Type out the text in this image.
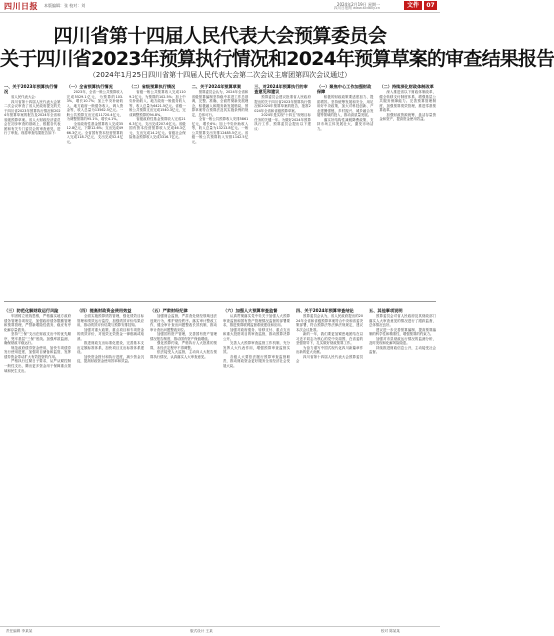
四川日报 本版编辑：张 校对：刘	2024年2月19日 星期一
四川日报网 www.scdaily.cn	文件	07
四川省第十四届人民代表大会预算委员会
关于四川省2023年预算执行情况和2024年预算草案的审查结果报告
（2024年1月25日四川省第十四届人民代表大会第二次会议主席团第四次会议通过）
一、关于2023年预算执行情况

省人民代表大会：

四川省第十四届人民代表大会第二次会议审查了省人民政府提交的关于四川省2023年预算执行情况和2024年预算草案的报告及2024年全省和省级预算草案。省人大财政经济委员会在初步审查的基础上，根据各代表团和有关专门委员会的审查意见，进行了审查。现将审查结果报告如下：

（一）全省预算执行情况

2023年，全省一般公共预算收入完成5529.1亿元，为预算的103.3%，增长10.7%；加上中央补助收入、地方政府一般债务收入、调入资金等，收入总量为13562.5亿元。一般公共预算支出完成11720.4亿元，为调整预算的95.1%，增长4.1%。

全省政府性基金预算收入完成3512.8亿元，下降12.6%；支出完成4966.3亿元。全省国有资本经营预算收入完成118.7亿元，支出完成52.4亿元。

（二）省级预算执行情况

省级一般公共预算收入完成1109.2亿元，为预算的102.5%；加上中央补助收入、地方政府一般债务收入等，收入总量为6421.5亿元。省级一般公共预算支出完成1540.3亿元，完成调整预算的94.8%。

省级政府性基金预算收入完成216.3亿元，支出完成207.6亿元。省级国有资本经营预算收入完成46.3亿元，支出完成14.2亿元。省级社会保险基金预算收入完成3316.7亿元。

二、关于2024年预算草案

预算委员会认为，2024年全省和省级预算编制坚持稳中求进工作总基调，完整、准确、全面贯彻新发展理念，积极融入和服务新发展格局，预算草案符合预算法及其实施条例的规定，总体可行。

全省一般公共预算收入安排5861亿元，增长6%；加上中央补助收入等，收入总量为13213.8亿元。一般公共预算支出安排12485.5亿元。省级一般公共预算收入安排1142.5亿元。

三、对2024年预算执行的审查意见和建议

预算委员会建议批准省人民政府提出的关于四川省2023年预算执行情况和2024年预算草案的报告，批准2024年全省和省级预算草案。

2024年是实现“十四五”规划目标任务的关键一年。为做好2024年预算执行工作，预算委员会提出以下建议：

（一）聚焦中心工作加强财政保障

积极的财政政策要适度加力、提质增效。坚持统筹发展和安全，用足用好中央政策，加大对科技创新、产业建圈强链、乡村振兴、城乡融合发展等领域的投入，推动高质量发展。

落实好结构性减税降费政策，支持市场主体发展壮大，激发市场活力。

（二）持续深化财政体制改革

深入推进省以下财政体制改革，健全转移支付制度体系，增强基层公共服务保障能力。完善预算管理制度，加强预算绩效管理，推进零基预算改革。

加强财政资源统筹，盘活存量资金和资产，提高资金使用效益。

（三）防范化解财政运行风险

牢固树立底线思维，严格落实地方政府债务管理各项规定，加强政府债务限额管理和预算管理，严禁新增隐性债务，稳妥有序化解存量债务。

坚持“三保”支出在财政支出中的优先顺序，兜牢基层“三保”底线。加强库款监测，确保财政平稳运行。

规范政府债券资金使用，加快专项债券发行使用进度，加强项目储备和监管，发挥债券资金带动扩大有效投资的作用。

严格执行过紧日子要求，从严从紧控制一般性支出，腾出更多资金用于保障重点领域和民生支出。

（四）提高财政资金使用效益

全面实施预算绩效管理，强化绩效目标管理和绩效运行监控，加强绩效评价结果应用，推动绩效评价结果与预算安排挂钩。

加强对重大政策、重点项目和专项资金的绩效评价，对低效无效资金一律削减或取消。

推进财政支出标准化建设，完善基本支出定额标准体系，加快项目支出标准体系建设。

加快资金拨付和执行进度，减少资金沉淀，提高财政资金使用效率和效益。

（五）严肃财经纪律

加强财会监督，严肃查处财经领域违法违规行为，维护财经秩序。落实审计整改工作，健全审计查出问题整改长效机制，推动审计查出问题整改到位。

加强国有资产管理，完善国有资产管理情况报告制度，推动国有资产保值增值。

强化预算约束，严格执行人大批准的预算，未经法定程序不得调整。

依法接受人大监督，主动向人大报告预算执行情况，认真落实人大审查意见。

（六）加强人大预算审查监督

认真贯彻落实党中央关于加强人大预算审查监督和国有资产管理情况监督的部署要求，推进预算联网监督系统建设和应用。

加强对政府债务、转移支付、重点支出和重大投资项目的审查监督，推动预算决算公开。

完善人大预算审查监督工作机制，充分发挥人大代表作用，增强预算审查监督实效。

各级人大要依法履行预算审查监督职责，推动财政资金更好服务全省经济社会发展大局。

四、关于2024年预算审查结论

预算委员会认为，省人民政府提出的2024年全省和省级预算草案符合中央和省委决策部署，符合预算法等法律法规规定，建议本次会议批准。

新的一年，我们要更加紧密地团结在以习近平同志为核心的党中央周围，在省委的坚强领导下，扎实做好财政预算工作。

为奋力谱写中国式现代化四川新篇章作出新的更大贡献。

四川省第十四届人民代表大会预算委员会

五、其他事项说明

预算委员会对省人民政府及其财政部门落实人大审查意见的情况进行了跟踪监督，总体情况良好。

建议进一步完善预算编制，提高预算编制的科学性和精准性，增强预算的约束力。

加强对市县财政运行情况的监测分析，及时发现和化解风险隐患。

持续推进财政信息公开，主动接受社会监督。

责任编辑 李某某	版式设计 王某	校对 陈某某
